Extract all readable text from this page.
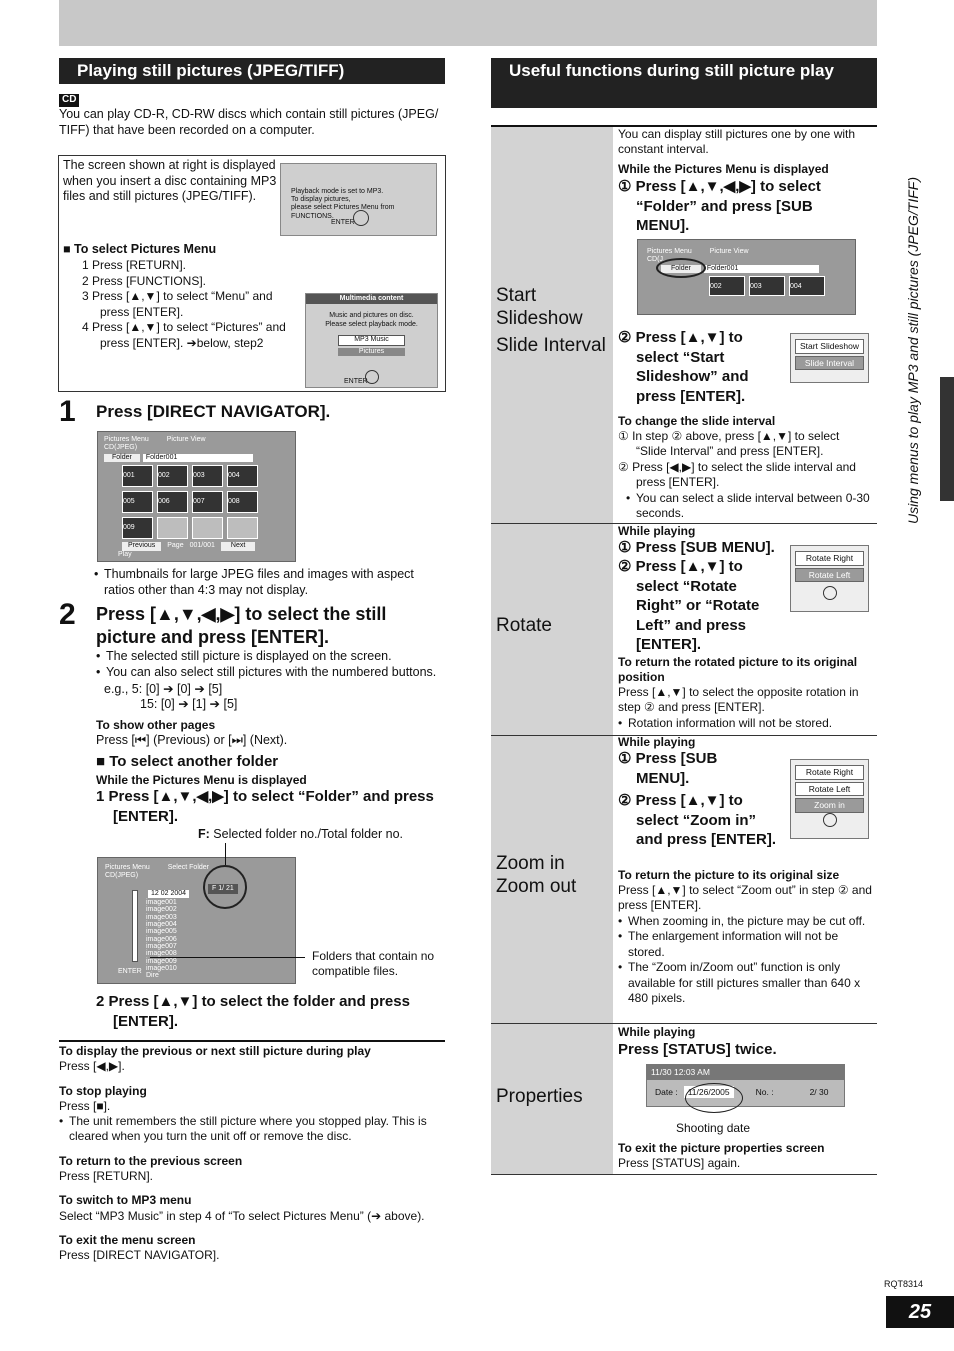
Playing still pictures (JPEG/TIFF)
CD
You can play CD-R, CD-RW discs which contain still pictures (JPEG/ TIFF) that have been recorded on a computer.
The screen shown at right is displayed when you insert a disc containing MP3 files and still pictures (JPEG/TIFF).	Playback mode is set to MP3.
To display pictures,
please select Pictures Menu from FUNCTIONS.

ENTER

■ To select Pictures Menu
1 Press [RETURN].
2 Press [FUNCTIONS].
3 Press [▲,▼] to select “Menu” and press [ENTER].
4 Press [▲,▼] to select “Pictures” and press [ENTER]. ➔below, step2
Multimedia content
Music and pictures on disc.
Please select playback mode.
MP3 Music
Pictures
ENTER
1 Press [DIRECT NAVIGATOR].
Pictures Menu	Picture View
CD(JPEG)
Folder	Folder001
001	002	003	004
005	006	007	008
009
Previous	Page 001/001	Next
Play
• Thumbnails for large JPEG files and images with aspect ratios other than 4:3 may not display.
2 Press [▲,▼,◀,▶] to select the still picture and press [ENTER].
• The selected still picture is displayed on the screen.
• You can also select still pictures with the numbered buttons.
e.g., 5: [0] ➔ [0] ➔ [5]
15: [0] ➔ [1] ➔ [5]
To show other pages
Press [⏮] (Previous) or [⏭] (Next).
■ To select another folder
While the Pictures Menu is displayed
1 Press [▲,▼,◀,▶] to select “Folder” and press [ENTER].
F: Selected folder no./Total folder no.
Pictures Menu	Select Folder
CD(JPEG)
12 02 2004
F 1/ 21
image001
image002
image003
image004
image005
image006
image007
image008
image009
image010
Dire
ENTER
Folders that contain no compatible files.
2 Press [▲,▼] to select the folder and press [ENTER].
To display the previous or next still picture during play
Press [◀,▶].
To stop playing
Press [■].
• The unit remembers the still picture where you stopped play. This is cleared when you turn the unit off or remove the disc.
To return to the previous screen
Press [RETURN].
To switch to MP3 menu
Select “MP3 Music” in step 4 of “To select Pictures Menu” (➔ above).
To exit the menu screen
Press [DIRECT NAVIGATOR].
Useful functions during still picture play
Start
Slideshow
Slide Interval
You can display still pictures one by one with constant interval.
While the Pictures Menu is displayed
① Press [▲,▼,◀,▶] to select “Folder” and press [SUB MENU].
Pictures Menu	Picture View
CD(J...
Folder	Folder001
002	003	004
② Press [▲,▼] to select “Start Slideshow” and press [ENTER].
Start Slideshow
Slide Interval
To change the slide interval
① In step ② above, press [▲,▼] to select “Slide Interval” and press [ENTER].
② Press [◀,▶] to select the slide interval and press [ENTER].
• You can select a slide interval between 0-30 seconds.
Rotate
While playing
① Press [SUB MENU].
② Press [▲,▼] to select “Rotate Right” or “Rotate Left” and press [ENTER].
Rotate Right
Rotate Left
To return the rotated picture to its original position
Press [▲,▼] to select the opposite rotation in step ② and press [ENTER].
• Rotation information will not be stored.
Zoom in
Zoom out
While playing
① Press [SUB MENU].
② Press [▲,▼] to select “Zoom in” and press [ENTER].
Rotate Right
Rotate Left
Zoom in
To return the picture to its original size
Press [▲,▼] to select “Zoom out” in step ② and press [ENTER].
• When zooming in, the picture may be cut off.
• The enlargement information will not be stored.
• The “Zoom in/Zoom out” function is only available for still pictures smaller than 640 x 480 pixels.
Properties
While playing
Press [STATUS] twice.
11/30 12:03 AM
Date :	11/26/2005	No. :	2/ 30
Shooting date
To exit the picture properties screen
Press [STATUS] again.
Using menus to play MP3 and still pictures (JPEG/TIFF)
RQT8314
25
